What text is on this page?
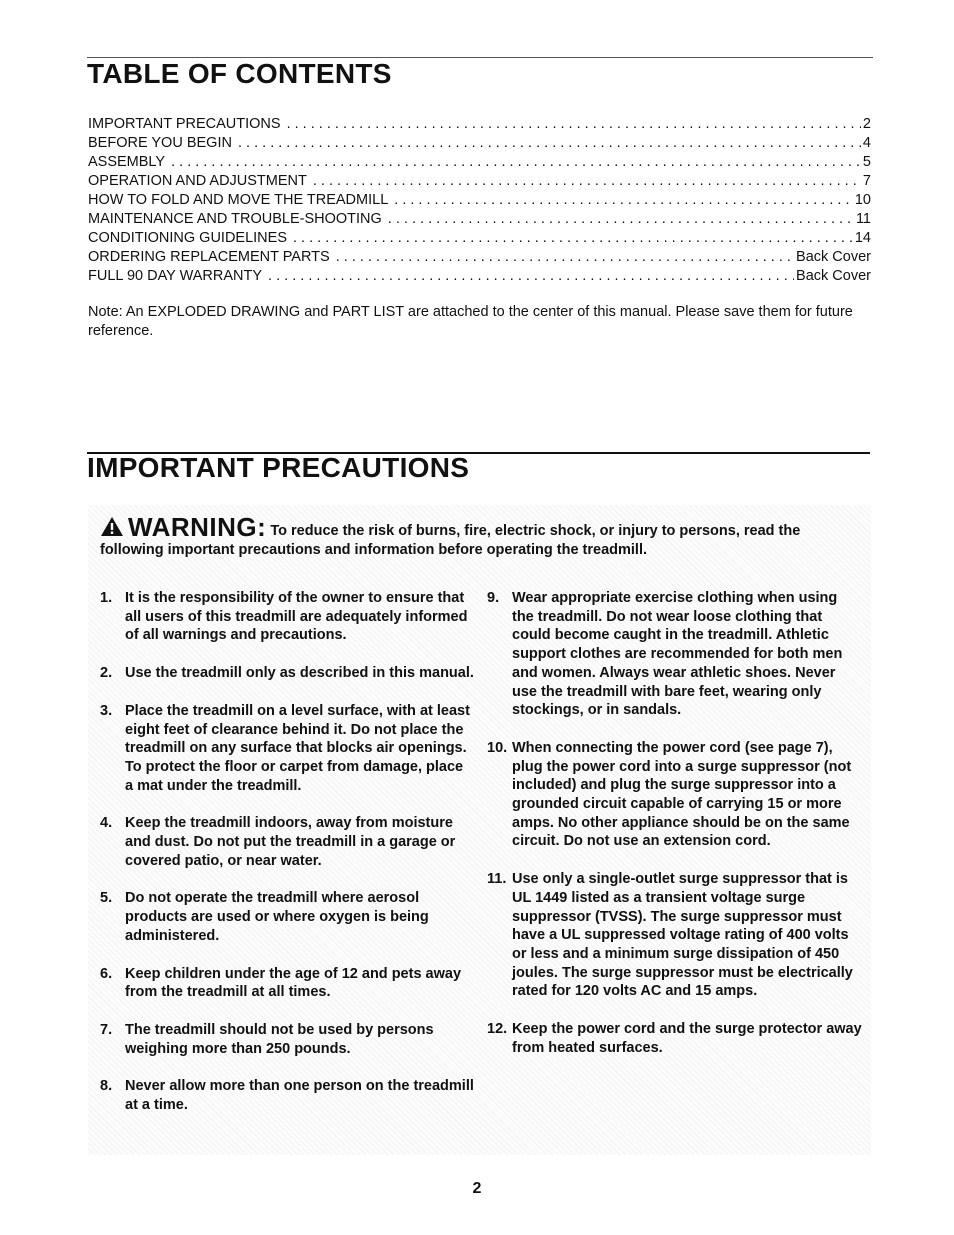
TABLE OF CONTENTS
IMPORTANT PRECAUTIONS . . .	2
BEFORE YOU BEGIN . . .	4
ASSEMBLY . . .	5
OPERATION AND ADJUSTMENT . . .	7
HOW TO FOLD AND MOVE THE TREADMILL . . .	10
MAINTENANCE AND TROUBLE-SHOOTING . . .	11
CONDITIONING GUIDELINES . . .	14
ORDERING REPLACEMENT PARTS . . .	Back Cover
FULL 90 DAY WARRANTY . . .	Back Cover
Note: An EXPLODED DRAWING and PART LIST are attached to the center of this manual. Please save them for future reference.
IMPORTANT PRECAUTIONS
WARNING: To reduce the risk of burns, fire, electric shock, or injury to persons, read the following important precautions and information before operating the treadmill.
1. It is the responsibility of the owner to ensure that all users of this treadmill are adequately informed of all warnings and precautions.
2. Use the treadmill only as described in this manual.
3. Place the treadmill on a level surface, with at least eight feet of clearance behind it. Do not place the treadmill on any surface that blocks air openings. To protect the floor or carpet from damage, place a mat under the treadmill.
4. Keep the treadmill indoors, away from moisture and dust. Do not put the treadmill in a garage or covered patio, or near water.
5. Do not operate the treadmill where aerosol products are used or where oxygen is being administered.
6. Keep children under the age of 12 and pets away from the treadmill at all times.
7. The treadmill should not be used by persons weighing more than 250 pounds.
8. Never allow more than one person on the treadmill at a time.
9. Wear appropriate exercise clothing when using the treadmill. Do not wear loose clothing that could become caught in the treadmill. Athletic support clothes are recommended for both men and women. Always wear athletic shoes. Never use the treadmill with bare feet, wearing only stockings, or in sandals.
10. When connecting the power cord (see page 7), plug the power cord into a surge suppressor (not included) and plug the surge suppressor into a grounded circuit capable of carrying 15 or more amps. No other appliance should be on the same circuit. Do not use an extension cord.
11. Use only a single-outlet surge suppressor that is UL 1449 listed as a transient voltage surge suppressor (TVSS). The surge suppressor must have a UL suppressed voltage rating of 400 volts or less and a minimum surge dissipation of 450 joules. The surge suppressor must be electrically rated for 120 volts AC and 15 amps.
12. Keep the power cord and the surge protector away from heated surfaces.
2
